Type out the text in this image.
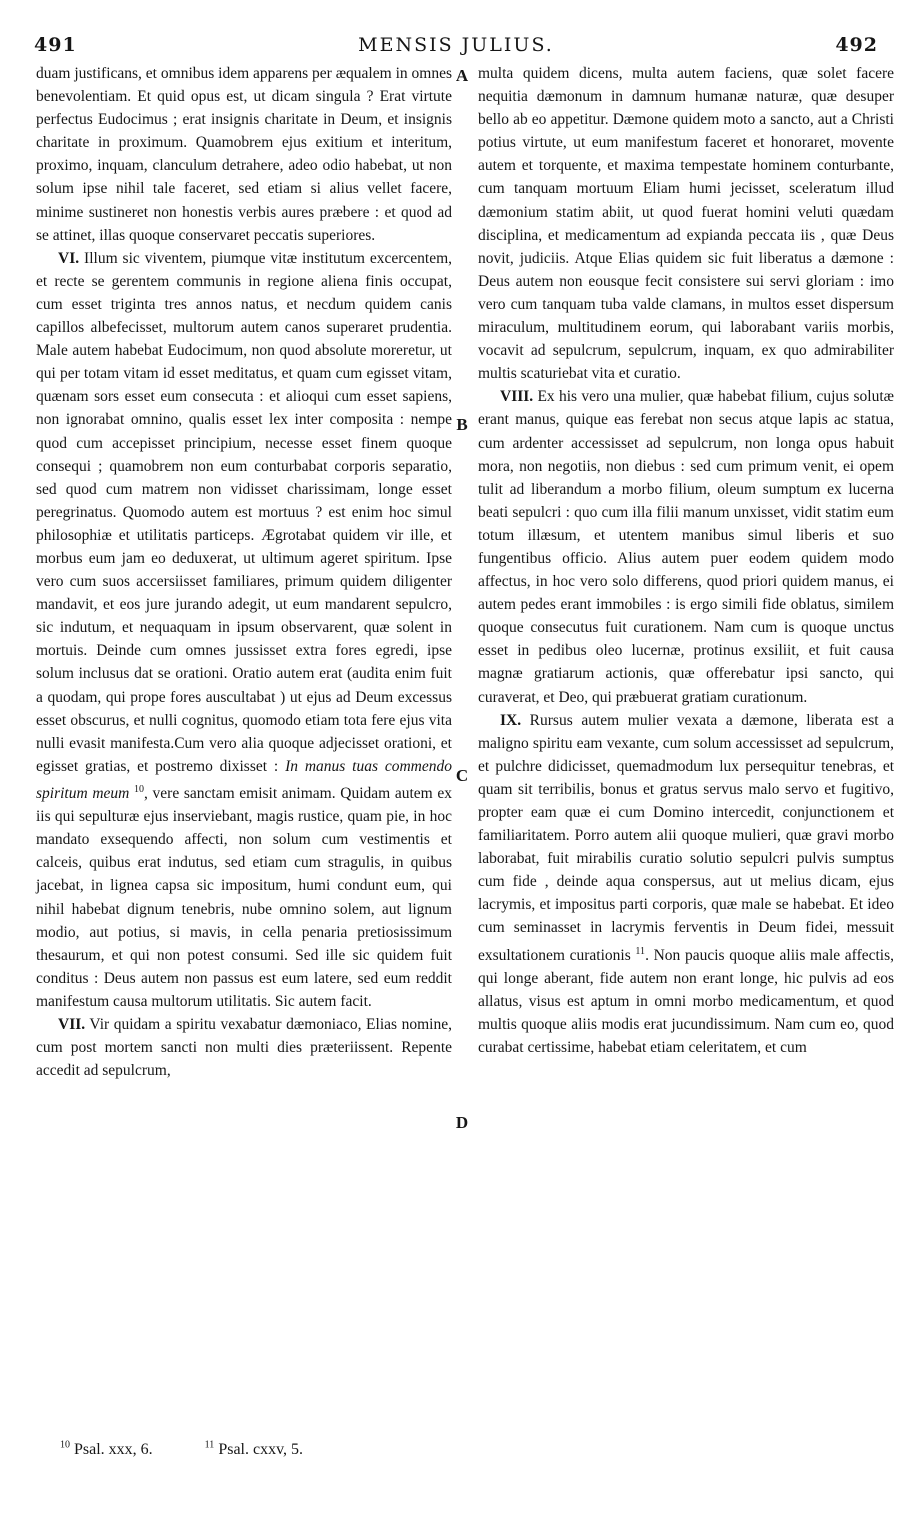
491	MENSIS JULIUS.	492

duam justificans, et omnibus idem apparens per æqualem in omnes benevolentiam. Et quid opus est, ut dicam singula ? Erat virtute perfectus Eudocimus ; erat insignis charitate in Deum, et insignis charitate in proximum. Quamobrem ejus exitium et interitum, proximo, inquam, clanculum detrahere, adeo odio habebat, ut non solum ipse nihil tale faceret, sed etiam si alius vellet facere, minime sustineret non honestis verbis aures præbere : et quod ad se attinet, illas quoque conservaret peccatis superiores.

VI. Illum sic viventem, piumque vitæ institutum excercentem, et recte se gerentem communis in regione aliena finis occupat, cum esset triginta tres annos natus, et necdum quidem canis capillos albefecisset, multorum autem canos superaret prudentia. Male autem habebat Eudocimum, non quod absolute moreretur, ut qui per totam vitam id esset meditatus, et quam cum egisset vitam, quænam sors esset eum consecuta : et alioqui cum esset sapiens, non ignorabat omnino, qualis esset lex inter composita : nempe quod cum accepisset principium, necesse esset finem quoque consequi ; quamobrem non eum conturbabat corporis separatio, sed quod cum matrem non vidisset charissimam, longe esset peregrinatus. Quomodo autem est mortuus ? est enim hoc simul philosophiæ et utilitatis particeps. Ægrotabat quidem vir ille, et morbus eum jam eo deduxerat, ut ultimum ageret spiritum. Ipse vero cum suos accersiisset familiares, primum quidem diligenter mandavit, et eos jure jurando adegit, ut eum mandarent sepulcro, sic indutum, et nequaquam in ipsum observarent, quæ solent in mortuis. Deinde cum omnes jussisset extra fores egredi, ipse solum inclusus dat se orationi. Oratio autem erat (audita enim fuit a quodam, qui prope fores auscultabat ) ut ejus ad Deum excessus esset obscurus, et nulli cognitus, quomodo etiam tota fere ejus vita nulli evasit manifesta.Cum vero alia quoque adjecisset orationi, et egisset gratias, et postremo dixisset : In manus tuas commendo spiritum meum $^{10}$, vere sanctam emisit animam. Quidam autem ex iis qui sepulturæ ejus inserviebant, magis rustice, quam pie, in hoc mandato exsequendo affecti, non solum cum vestimentis et calceis, quibus erat indutus, sed etiam cum stragulis, in quibus jacebat, in lignea capsa sic impositum, humi condunt eum, qui nihil habebat dignum tenebris, nube omnino solem, aut lignum modio, aut potius, si mavis, in cella penaria pretiosissimum thesaurum, et qui non potest consumi. Sed ille sic quidem fuit conditus : Deus autem non passus est eum latere, sed eum reddit manifestum causa multorum utilitatis. Sic autem facit.

VII. Vir quidam a spiritu vexabatur dæmoniaco, Elias nomine, cum post mortem sancti non multi dies præteriissent. Repente accedit ad sepulcrum,

multa quidem dicens, multa autem faciens, quæ solet facere nequitia dæmonum in damnum humanæ naturæ, quæ desuper bello ab eo appetitur. Dæmone quidem moto a sancto, aut a Christi potius virtute, ut eum manifestum faceret et honoraret, movente autem et torquente, et maxima tempestate hominem conturbante, cum tanquam mortuum Eliam humi jecisset, sceleratum illud dæmonium statim abiit, ut quod fuerat homini veluti quædam disciplina, et medicamentum ad expianda peccata iis , quæ Deus novit, judiciis. Atque Elias quidem sic fuit liberatus a dæmone : Deus autem non eousque fecit consistere sui servi gloriam : imo vero cum tanquam tuba valde clamans, in multos esset dispersum miraculum, multitudinem eorum, qui laborabant variis morbis, vocavit ad sepulcrum, sepulcrum, inquam, ex quo admirabiliter multis scaturiebat vita et curatio.

VIII. Ex his vero una mulier, quæ habebat filium, cujus solutæ erant manus, quique eas ferebat non secus atque lapis ac statua, cum ardenter accessisset ad sepulcrum, non longa opus habuit mora, non negotiis, non diebus : sed cum primum venit, ei opem tulit ad liberandum a morbo filium, oleum sumptum ex lucerna beati sepulcri : quo cum illa filii manum unxisset, vidit statim eum totum illæsum, et utentem manibus simul liberis et suo fungentibus officio. Alius autem puer eodem quidem modo affectus, in hoc vero solo differens, quod priori quidem manus, ei autem pedes erant immobiles : is ergo simili fide oblatus, similem quoque consecutus fuit curationem. Nam cum is quoque unctus esset in pedibus oleo lucernæ, protinus exsiliit, et fuit causa magnæ gratiarum actionis, quæ offerebatur ipsi sancto, qui curaverat, et Deo, qui præbuerat gratiam curationum.

IX. Rursus autem mulier vexata a dæmone, liberata est a maligno spiritu eam vexante, cum solum accessisset ad sepulcrum, et pulchre didicisset, quemadmodum lux persequitur tenebras, et quam sit terribilis, bonus et gratus servus malo servo et fugitivo, propter eam quæ ei cum Domino intercedit, conjunctionem et familiaritatem. Porro autem alii quoque mulieri, quæ gravi morbo laborabat, fuit mirabilis curatio solutio sepulcri pulvis sumptus cum fide , deinde aqua conspersus, aut ut melius dicam, ejus lacrymis, et impositus parti corporis, quæ male se habebat. Et ideo cum seminasset in lacrymis ferventis in Deum fidei, messuit exsultationem curationis $^{11}$. Non paucis quoque aliis male affectis, qui longe aberant, fide autem non erant longe, hic pulvis ad eos allatus, visus est aptum in omni morbo medicamentum, et quod multis quoque aliis modis erat jucundissimum. Nam cum eo, quod curabat certissime, habebat etiam celeritatem, et cum

A
B
C
D
$^{10}$ Psal. xxx, 6.	$^{11}$ Psal. cxxv, 5.
